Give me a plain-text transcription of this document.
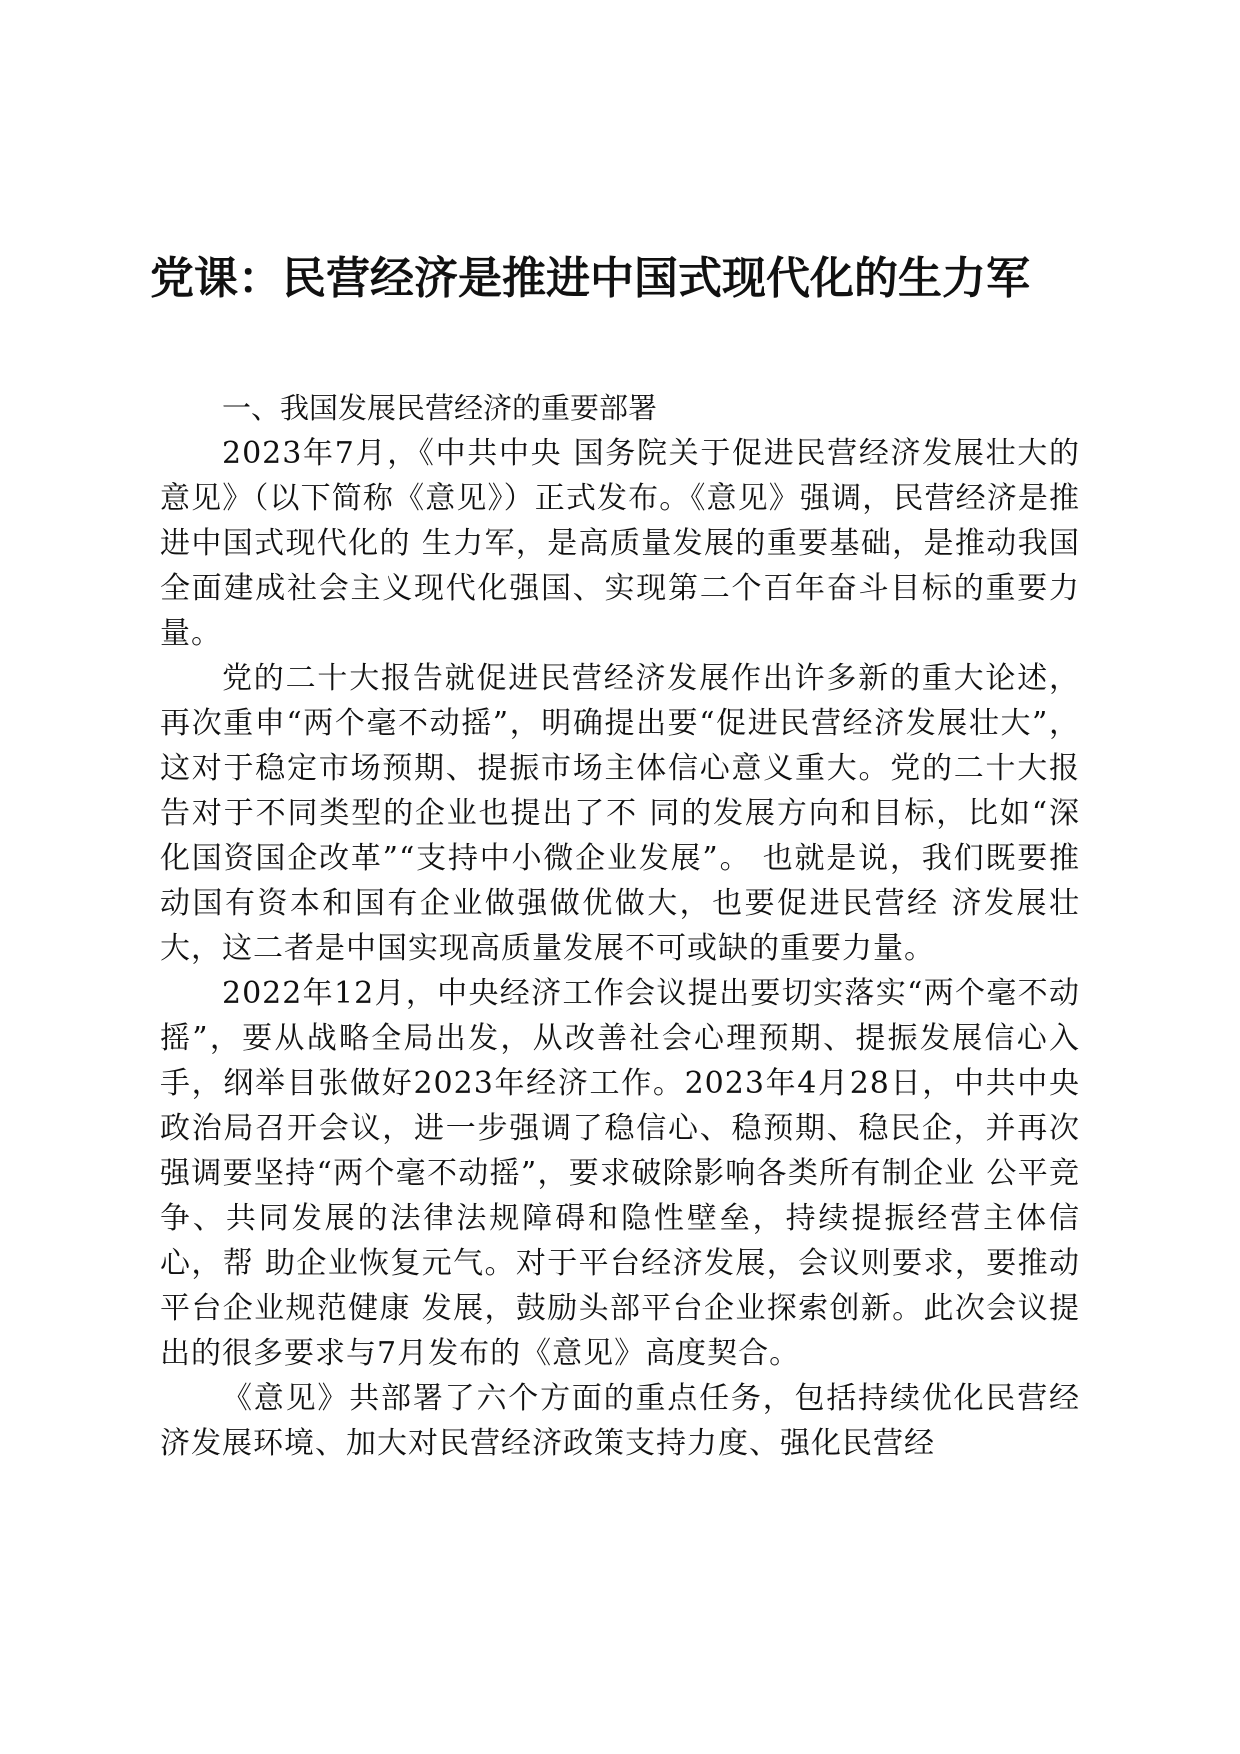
党课：民营经济是推进中国式现代化的生力军
一、我国发展民营经济的重要部署

2023年7月，《中共中央 国务院关于促进民营经济发展壮大的意见》（以下简称《意见》）正式发布。《意见》强调，民营经济是推进中国式现代化的 生力军，是高质量发展的重要基础，是推动我国全面建成社会主义现代化强国、实现第二个百年奋斗目标的重要力量。

党的二十大报告就促进民营经济发展作出许多新的重大论述，再次重申“两个毫不动摇”，明确提出要“促进民营经济发展壮大”，这对于稳定市场预期、提振市场主体信心意义重大。党的二十大报告对于不同类型的企业也提出了不 同的发展方向和目标，比如“深化国资国企改革”“支持中小微企业发展”。 也就是说，我们既要推动国有资本和国有企业做强做优做大，也要促进民营经 济发展壮大，这二者是中国实现高质量发展不可或缺的重要力量。

2022年12月，中央经济工作会议提出要切实落实“两个毫不动摇”，要从战略全局出发，从改善社会心理预期、提振发展信心入手，纲举目张做好2023年经济工作。2023年4月28日，中共中央政治局召开会议，进一步强调了稳信心、稳预期、稳民企，并再次强调要坚持“两个毫不动摇”，要求破除影响各类所有制企业 公平竞争、共同发展的法律法规障碍和隐性壁垒，持续提振经营主体信心，帮 助企业恢复元气。对于平台经济发展，会议则要求，要推动平台企业规范健康 发展，鼓励头部平台企业探索创新。此次会议提出的很多要求与7月发布的《意见》高度契合。

《意见》共部署了六个方面的重点任务，包括持续优化民营经济发展环境、加大对民营经济政策支持力度、强化民营经
